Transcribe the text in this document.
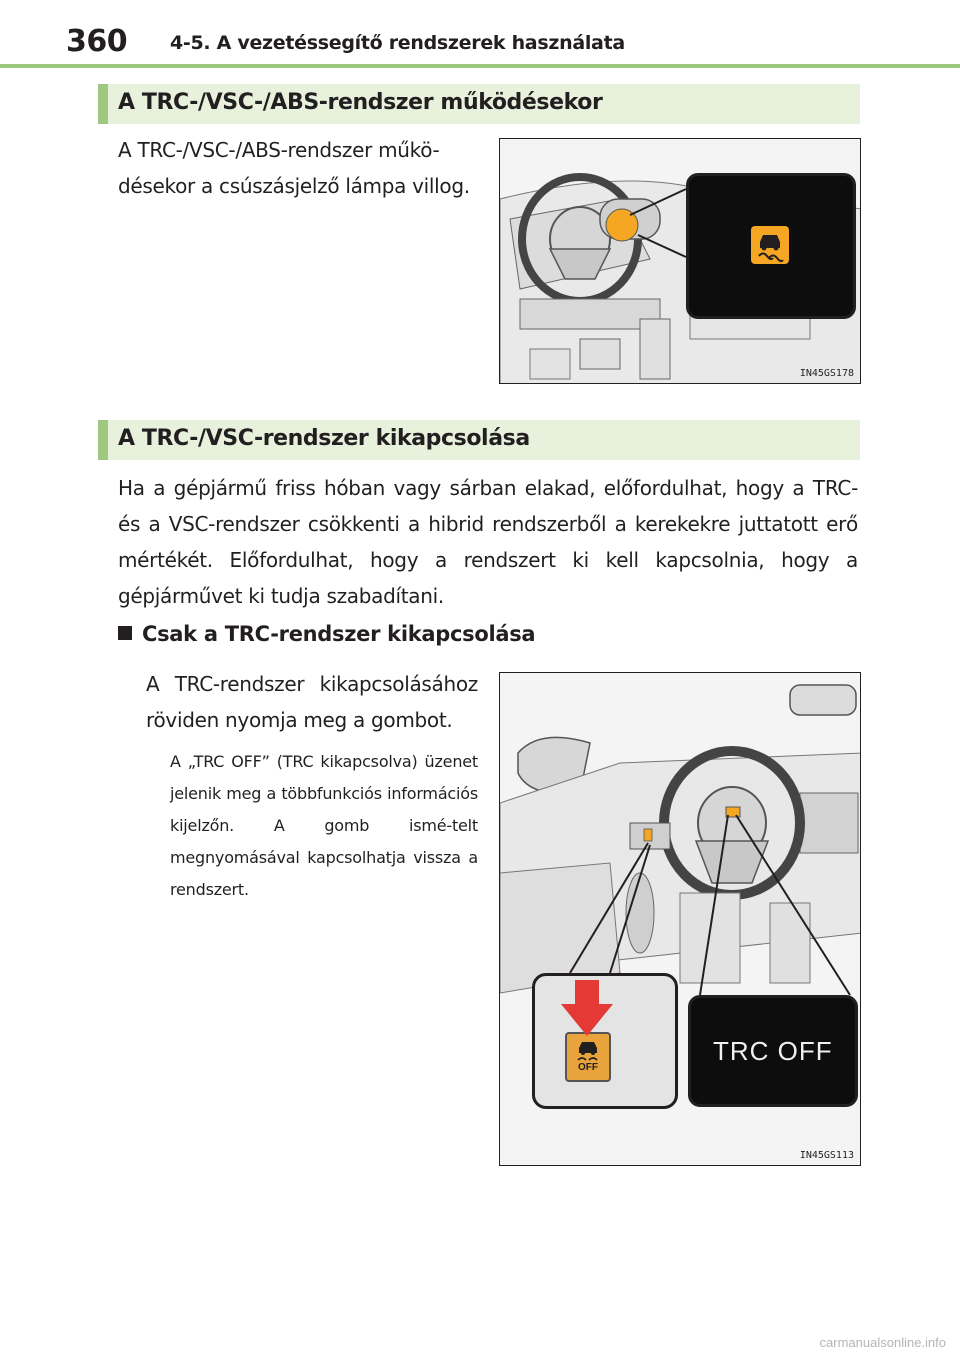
360 4-5. A vezetéssegítő rendszerek használata
A TRC-/VSC-/ABS-rendszer működésekor
A TRC-/VSC-/ABS-rendszer műkö-
désekor a csúszásjelző lámpa villog.
IN45GS178
A TRC-/VSC-rendszer kikapcsolása
Ha a gépjármű friss hóban vagy sárban elakad, előfordulhat, hogy a TRC- és a VSC-rendszer csökkenti a hibrid rendszerből a kerekekre juttatott erő mértékét. Előfordulhat, hogy a rendszert ki kell kapcsolnia, hogy a gépjárművet ki tudja szabadítani.
Csak a TRC-rendszer kikapcsolása
A TRC-rendszer kikapcsolásához röviden nyomja meg a gombot.
A „TRC OFF” (TRC kikapcsolva) üzenet jelenik meg a többfunkciós információs kijelzőn. A gomb ismé-telt megnyomásával kapcsolhatja vissza a rendszert.
OFF
TRC OFF
IN45GS113
carmanualsonline.info
